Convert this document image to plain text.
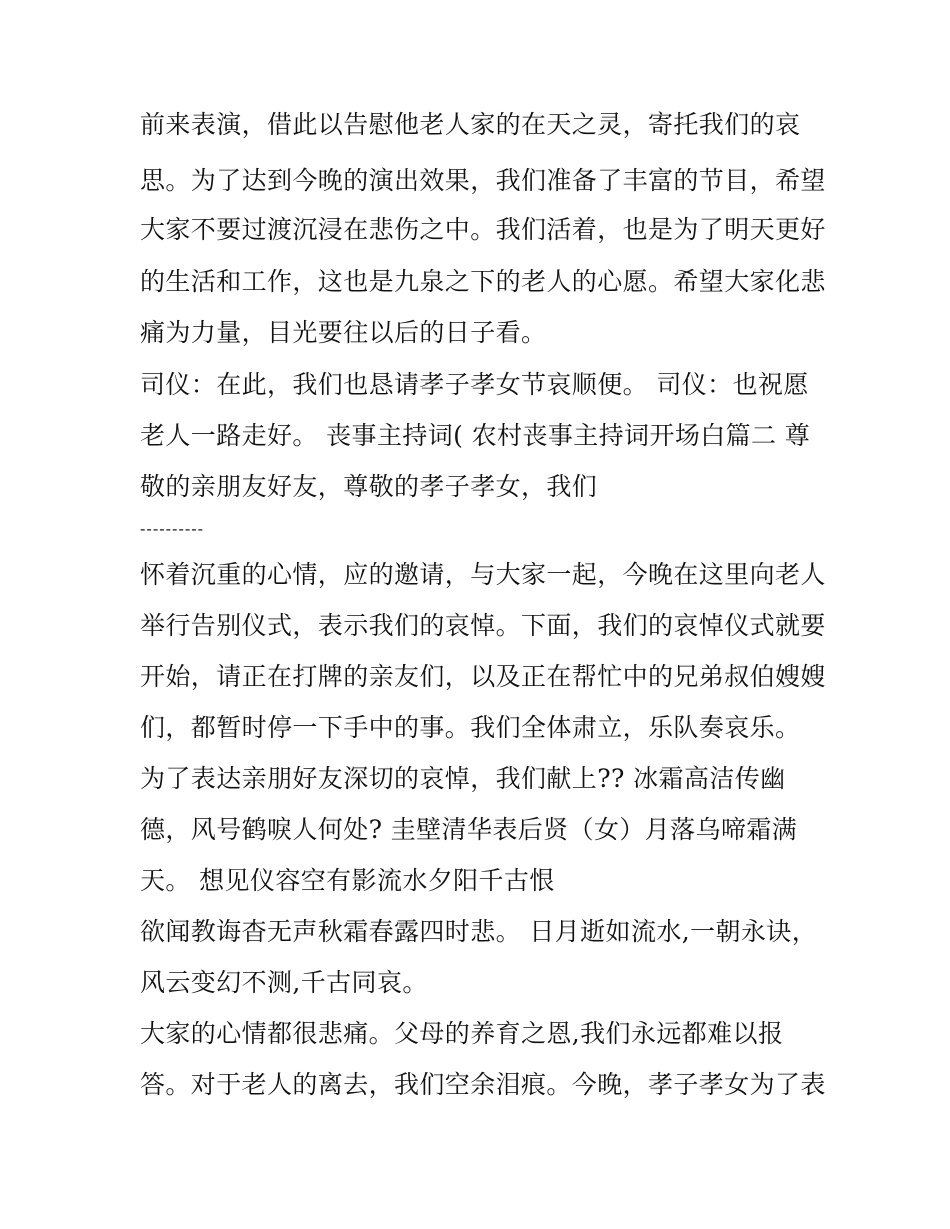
前来表演，借此以告慰他老人家的在天之灵，寄托我们的哀
思。为了达到今晚的演出效果，我们准备了丰富的节目，希望
大家不要过渡沉浸在悲伤之中。我们活着，也是为了明天更好
的生活和工作，这也是九泉之下的老人的心愿。希望大家化悲
痛为力量，目光要往以后的日子看。
司仪：在此，我们也恳请孝子孝女节哀顺便。 司仪：也祝愿
老人一路走好。 丧事主持词( 农村丧事主持词开场白篇二 尊
敬的亲朋友好友，尊敬的孝子孝女，我们
----------
怀着沉重的心情，应的邀请，与大家一起，今晚在这里向老人
举行告别仪式，表示我们的哀悼。下面，我们的哀悼仪式就要
开始，请正在打牌的亲友们，以及正在帮忙中的兄弟叔伯嫂嫂
们，都暂时停一下手中的事。我们全体肃立，乐队奏哀乐。
为了表达亲朋好友深切的哀悼，我们献上?? 冰霜高洁传幽
德，风号鹤唳人何处? 圭壁清华表后贤（女）月落乌啼霜满
天。 想见仪容空有影流水夕阳千古恨
欲闻教诲杳无声秋霜春露四时悲。 日月逝如流水,一朝永诀，
风云变幻不测,千古同哀。
大家的心情都很悲痛。父母的养育之恩,我们永远都难以报
答。对于老人的离去，我们空余泪痕。今晚，孝子孝女为了表
